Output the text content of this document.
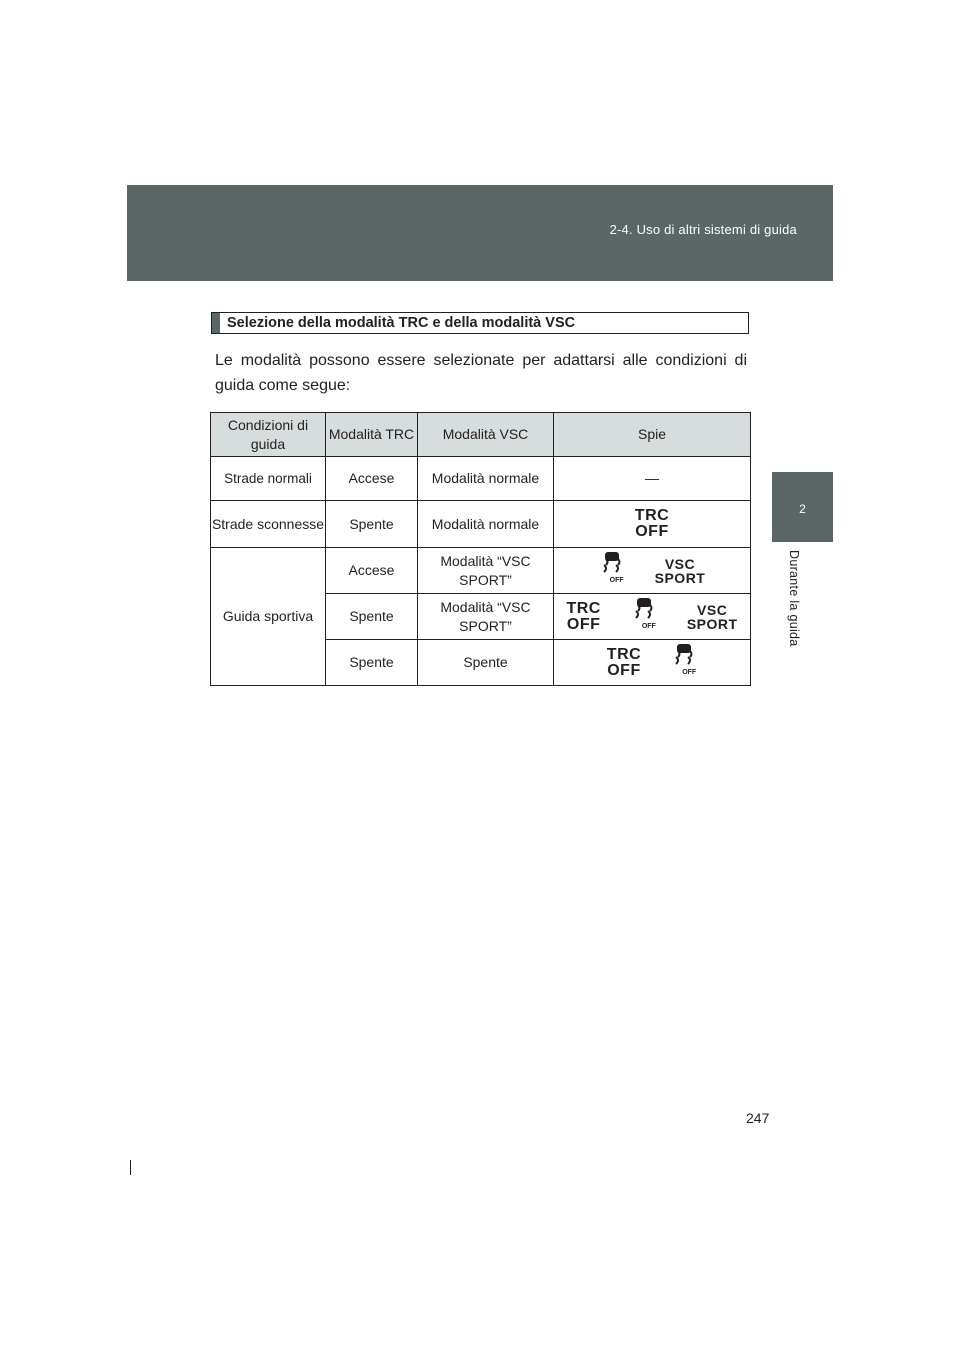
2-4. Uso di altri sistemi di guida
2
Durante la guida
Selezione della modalità TRC e della modalità VSC
Le modalità possono essere selezionate per adattarsi alle condizioni di guida come segue:
Condizioni di guida	Modalità TRC	Modalità VSC	Spie
Strade normali	Accese	Modalità normale	—
Strade sconnesse	Spente	Modalità normale	TRC
OFF

Guida sportiva	Accese	Modalità “VSC SPORT”	OFF
VSC
SPORT

	Spente	Modalità “VSC SPORT”	TRC
OFF OFF
VSC
SPORT

	Spente	Spente	TRC
OFF OFF
247
